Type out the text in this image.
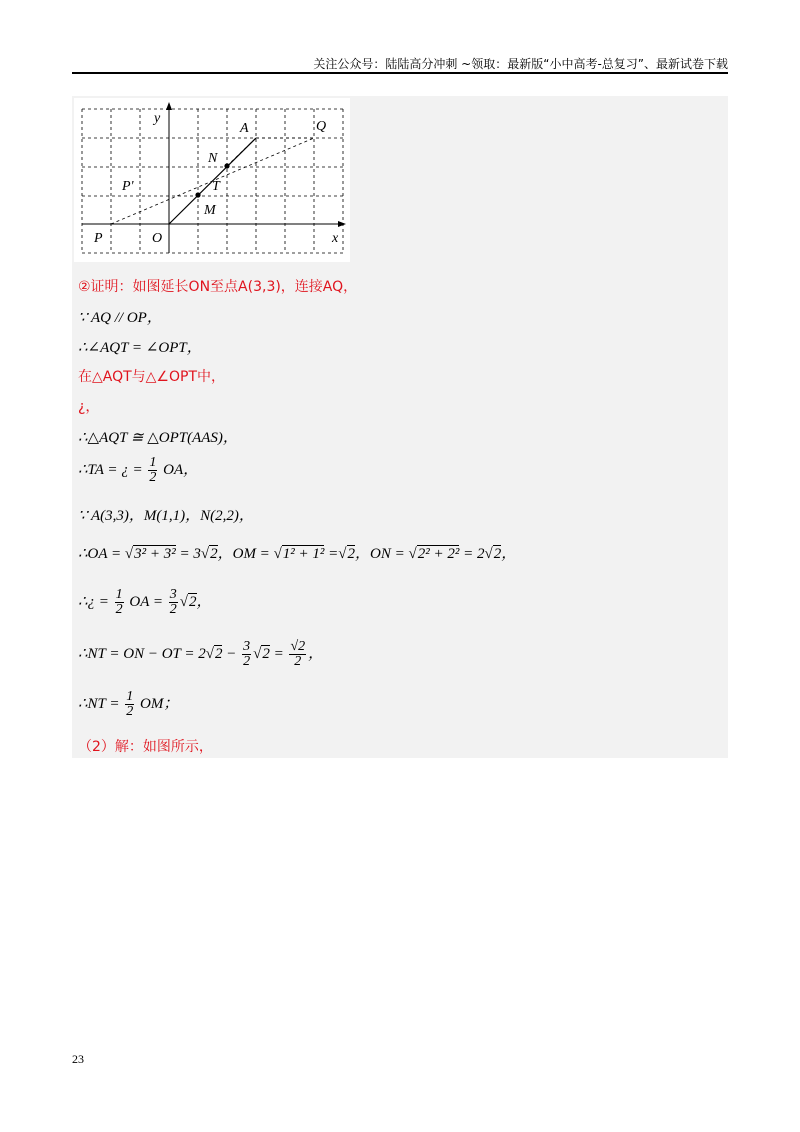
关注公众号：陆陆高分冲刺 ~领取：最新版“小中高考-总复习”、最新试卷下载
y
x
O
P
P'
A	Q
N
T
M
②证明：如图延长ON至点A(3,3)，连接AQ，
∵ AQ // OP，
∴∠AQT = ∠OPT，
在△AQT与△∠OPT中，
¿，
∴△AQT ≅ △OPT(AAS)，
∴TA = ¿ = $\frac{1}{2}$ OA，
∵ A(3,3)，M(1,1)，N(2,2)，
∴OA = √3² + 3² = 3√2，OM = √1² + 1² =√2，ON = √2² + 2² = 2√2，
∴¿ = $\frac{1}{2}$ OA = $\frac{3}{2} √2$，
∴NT = ON − OT = $2√2 - \frac{3}{2} √2 = \frac{√2}{2}$ ，
∴NT = $\frac{1}{2}$ OM；
（2）解：如图所示，
23
